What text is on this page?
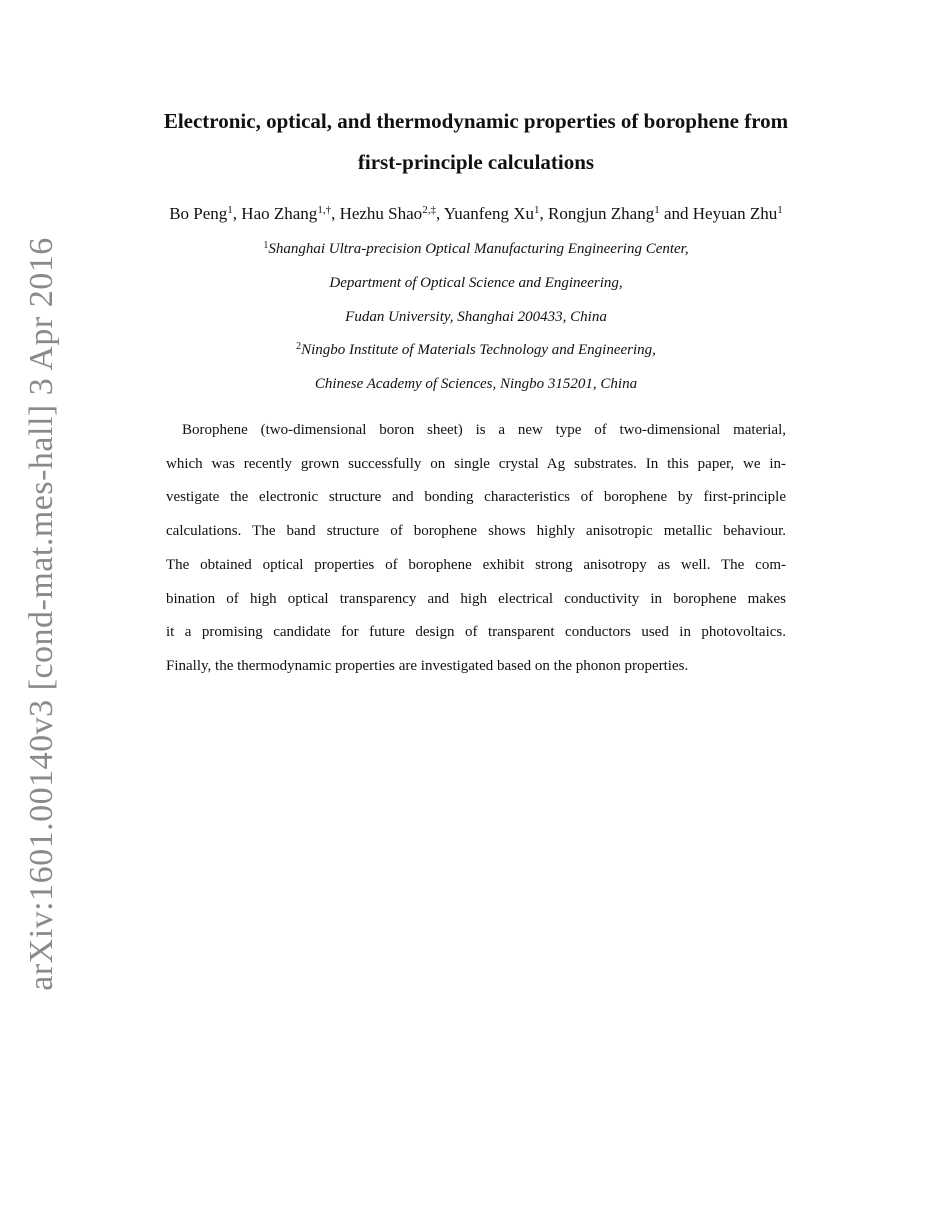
arXiv:1601.00140v3 [cond-mat.mes-hall] 3 Apr 2016
Electronic, optical, and thermodynamic properties of borophene from
first-principle calculations
Bo Peng$^1$, Hao Zhang$^{1,\dagger}$, Hezhu Shao$^{2,\ddagger}$, Yuanfeng Xu$^1$, Rongjun Zhang$^1$ and Heyuan Zhu$^1$
$^1$Shanghai Ultra-precision Optical Manufacturing Engineering Center,
Department of Optical Science and Engineering,
Fudan University, Shanghai 200433, China
$^2$Ningbo Institute of Materials Technology and Engineering,
Chinese Academy of Sciences, Ningbo 315201, China
Borophene (two-dimensional boron sheet) is a new type of two-dimensional material,
which was recently grown successfully on single crystal Ag substrates. In this paper, we in-
vestigate the electronic structure and bonding characteristics of borophene by first-principle
calculations. The band structure of borophene shows highly anisotropic metallic behaviour.
The obtained optical properties of borophene exhibit strong anisotropy as well. The com-
bination of high optical transparency and high electrical conductivity in borophene makes
it a promising candidate for future design of transparent conductors used in photovoltaics.
Finally, the thermodynamic properties are investigated based on the phonon properties.
